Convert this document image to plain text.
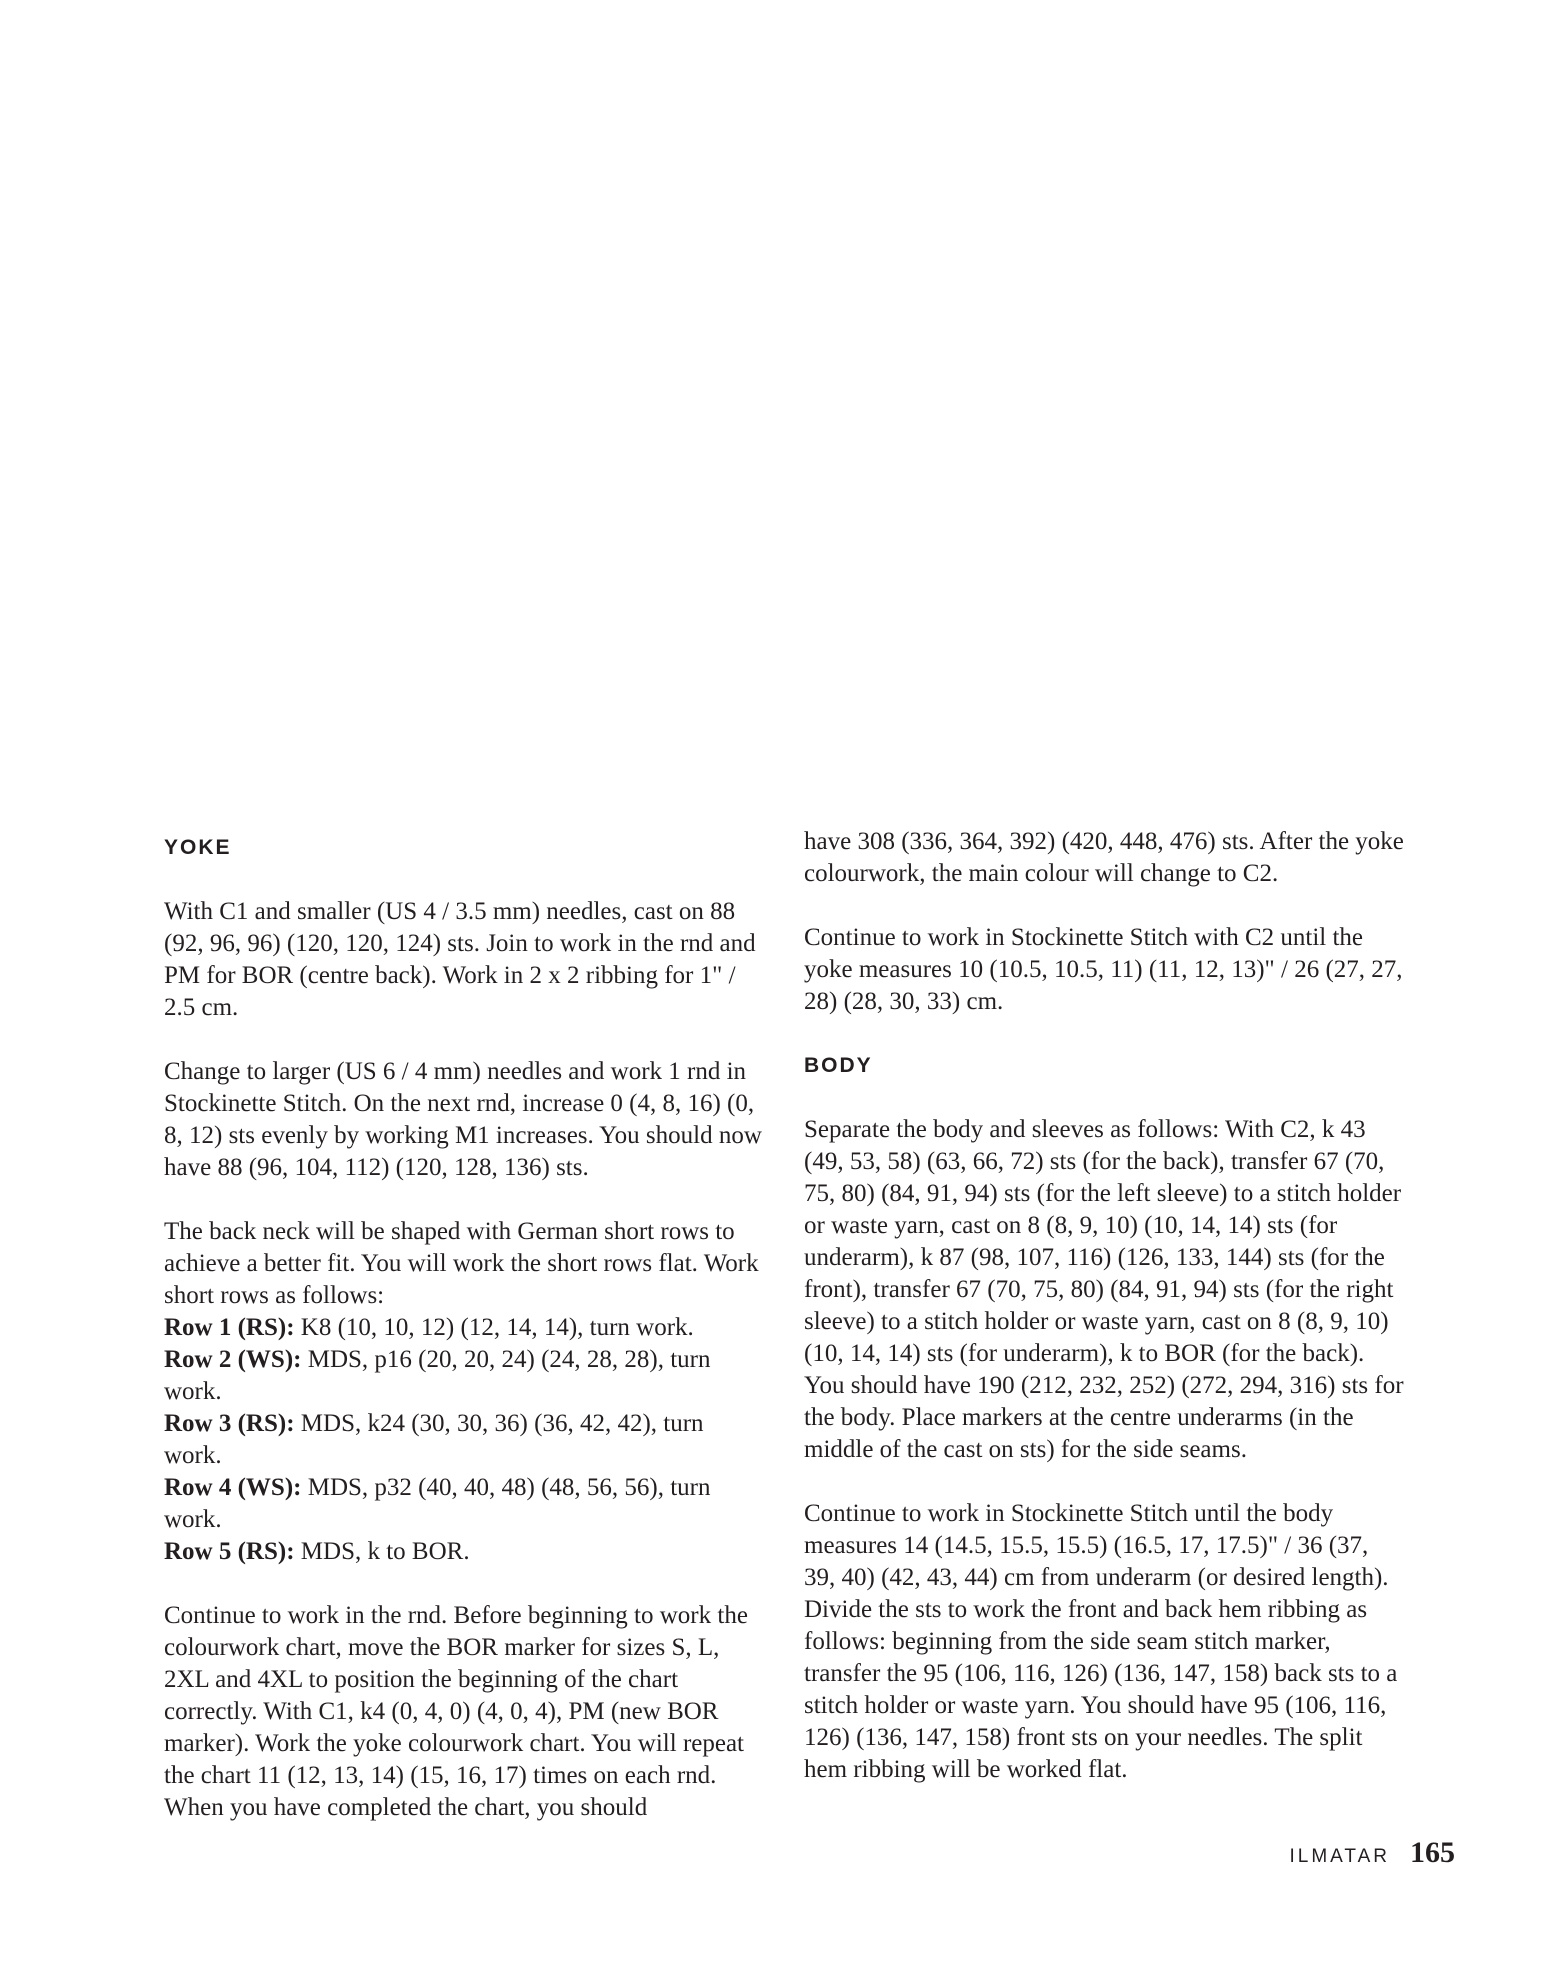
YOKE

With C1 and smaller (US 4 / 3.5 mm) needles, cast on 88 (92, 96, 96) (120, 120, 124) sts. Join to work in the rnd and PM for BOR (centre back). Work in 2 x 2 ribbing for 1" / 2.5 cm.

Change to larger (US 6 / 4 mm) needles and work 1 rnd in Stockinette Stitch. On the next rnd, increase 0 (4, 8, 16) (0, 8, 12) sts evenly by working M1 increases. You should now have 88 (96, 104, 112) (120, 128, 136) sts.

The back neck will be shaped with German short rows to achieve a better fit. You will work the short rows flat. Work short rows as follows:

Row 1 (RS): K8 (10, 10, 12) (12, 14, 14), turn work.

Row 2 (WS): MDS, p16 (20, 20, 24) (24, 28, 28), turn work.

Row 3 (RS): MDS, k24 (30, 30, 36) (36, 42, 42), turn work.

Row 4 (WS): MDS, p32 (40, 40, 48) (48, 56, 56), turn work.

Row 5 (RS): MDS, k to BOR.

Continue to work in the rnd. Before beginning to work the colourwork chart, move the BOR marker for sizes S, L, 2XL and 4XL to position the beginning of the chart correctly. With C1, k4 (0, 4, 0) (4, 0, 4), PM (new BOR marker). Work the yoke colourwork chart. You will repeat the chart 11 (12, 13, 14) (15, 16, 17) times on each rnd. When you have completed the chart, you should

have 308 (336, 364, 392) (420, 448, 476) sts. After the yoke colourwork, the main colour will change to C2.

Continue to work in Stockinette Stitch with C2 until the yoke measures 10 (10.5, 10.5, 11) (11, 12, 13)" / 26 (27, 27, 28) (28, 30, 33) cm.

BODY

Separate the body and sleeves as follows: With C2, k 43 (49, 53, 58) (63, 66, 72) sts (for the back), transfer 67 (70, 75, 80) (84, 91, 94) sts (for the left sleeve) to a stitch holder or waste yarn, cast on 8 (8, 9, 10) (10, 14, 14) sts (for underarm), k 87 (98, 107, 116) (126, 133, 144) sts (for the front), transfer 67 (70, 75, 80) (84, 91, 94) sts (for the right sleeve) to a stitch holder or waste yarn, cast on 8 (8, 9, 10) (10, 14, 14) sts (for underarm), k to BOR (for the back). You should have 190 (212, 232, 252) (272, 294, 316) sts for the body. Place markers at the centre underarms (in the middle of the cast on sts) for the side seams.

Continue to work in Stockinette Stitch until the body measures 14 (14.5, 15.5, 15.5) (16.5, 17, 17.5)" / 36 (37, 39, 40) (42, 43, 44) cm from underarm (or desired length). Divide the sts to work the front and back hem ribbing as follows: beginning from the side seam stitch marker, transfer the 95 (106, 116, 126) (136, 147, 158) back sts to a stitch holder or waste yarn. You should have 95 (106, 116, 126) (136, 147, 158) front sts on your needles. The split hem ribbing will be worked flat.

ILMATAR 165
